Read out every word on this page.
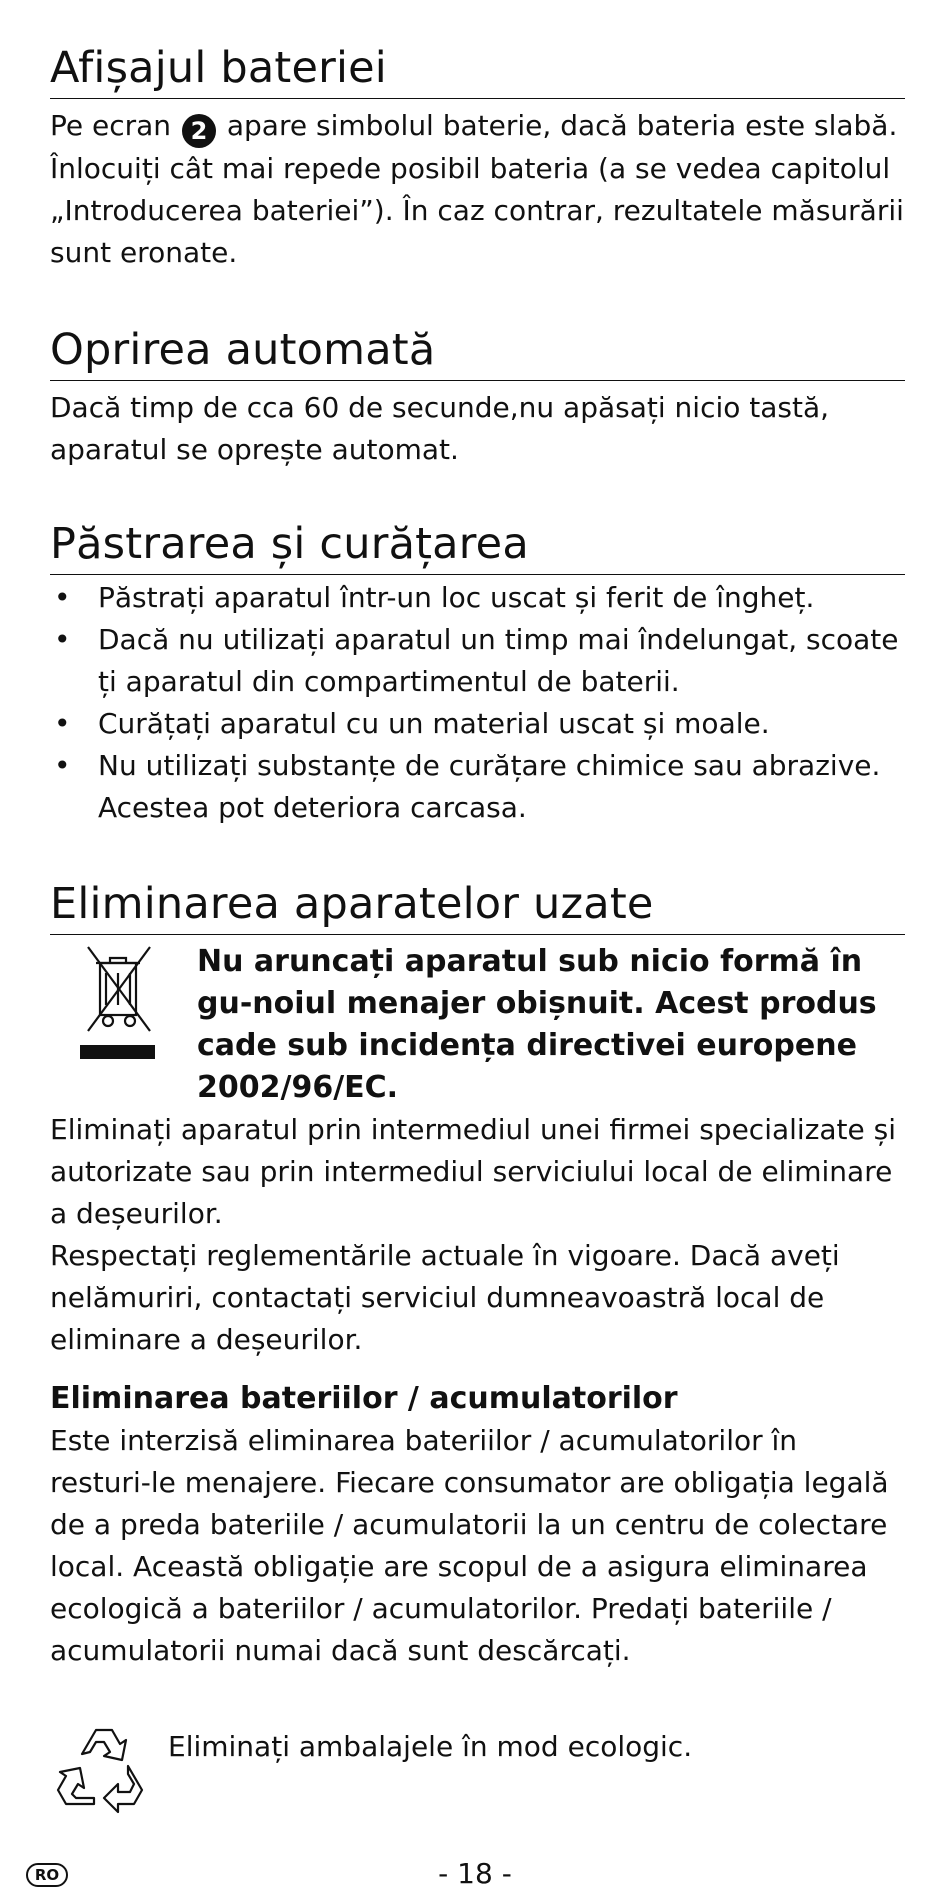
Afișajul bateriei

Pe ecran 2 apare simbolul baterie, dacă bateria este slabă. Înlocuiți cât mai repede posibil bateria (a se vedea capitolul „Introducerea bateriei”). În caz contrar, rezultatele măsurării sunt eronate.

Oprirea automată

Dacă timp de cca 60 de secunde,nu apăsați nicio tastă, aparatul se oprește automat.

Păstrarea și curățarea
• Păstrați aparatul într-un loc uscat și ferit de îngheț.
• Dacă nu utilizați aparatul un timp mai îndelungat, scoate ți aparatul din compartimentul de baterii.
• Curățați aparatul cu un material uscat și moale.
• Nu utilizați substanțe de curățare chimice sau abrazive. Acestea pot deteriora carcasa.
Eliminarea aparatelor uzate
Nu aruncați aparatul sub nicio formă în gu-noiul menajer obișnuit. Acest produs cade sub incidența directivei europene 2002/96/EC.

Eliminați aparatul prin intermediul unei firmei specializate și autorizate sau prin intermediul serviciului local de eliminare a deșeurilor.

Respectați reglementările actuale în vigoare. Dacă aveți nelămuriri, contactați serviciul dumneavoastră local de eliminare a deșeurilor.

Eliminarea bateriilor / acumulatorilor

Este interzisă eliminarea bateriilor / acumulatorilor în resturi-le menajere. Fiecare consumator are obligația legală de a preda bateriile / acumulatorii la un centru de colectare local. Această obligație are scopul de a asigura eliminarea ecologică a bateriilor / acumulatorilor. Predați bateriile / acumulatorii numai dacă sunt descărcați.

Eliminați ambalajele în mod ecologic.

RO	- 18 -
